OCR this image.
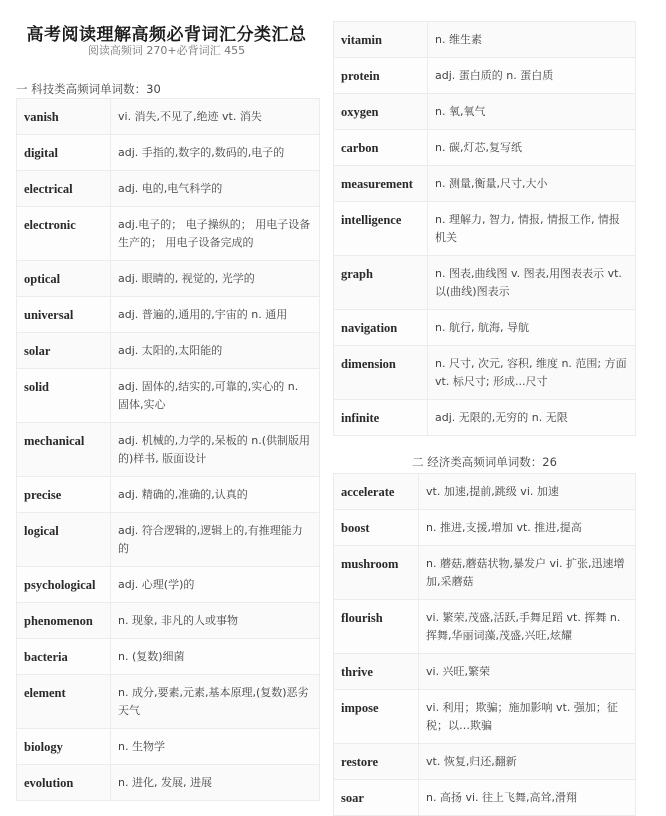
高考阅读理解高频必背词汇分类汇总
阅读高频词 270+必背词汇 455
一 科技类高频词单词数：30
vanish	vi. 消失,不见了,绝迹 vt. 消失
digital	adj. 手指的,数字的,数码的,电子的
electrical	adj. 电的,电气科学的
electronic	adj.电子的； 电子操纵的； 用电子设备生产的； 用电子设备完成的
optical	adj. 眼睛的, 视觉的, 光学的
universal	adj. 普遍的,通用的,宇宙的 n. 通用
solar	adj. 太阳的,太阳能的
solid	adj. 固体的,结实的,可靠的,实心的 n. 固体,实心
mechanical	adj. 机械的,力学的,呆板的 n.(供制版用的)样书, 版面设计
precise	adj. 精确的,准确的,认真的
logical	adj. 符合逻辑的,逻辑上的,有推理能力的
psychological	adj. 心理(学)的
phenomenon	n. 现象, 非凡的人或事物
bacteria	n. (复数)细菌
element	n. 成分,要素,元素,基本原理,(复数)恶劣天气
biology	n. 生物学
evolution	n. 进化, 发展, 进展
vitamin	n. 维生素
protein	adj. 蛋白质的 n. 蛋白质
oxygen	n. 氧,氧气
carbon	n. 碳,灯芯,复写纸
measurement	n. 测量,衡量,尺寸,大小
intelligence	n. 理解力, 智力, 情报, 情报工作, 情报机关
graph	n. 图表,曲线图 v. 图表,用图表表示 vt. 以(曲线)图表示
navigation	n. 航行, 航海, 导航
dimension	n. 尺寸, 次元, 容积, 维度 n. 范围; 方面 vt. 标尺寸; 形成...尺寸
infinite	adj. 无限的,无穷的 n. 无限
二 经济类高频词单词数：26
accelerate	vt. 加速,提前,跳级 vi. 加速
boost	n. 推进,支援,增加 vt. 推进,提高
mushroom	n. 蘑菇,蘑菇状物,暴发户 vi. 扩张,迅速增加,采蘑菇
flourish	vi. 繁荣,茂盛,活跃,手舞足蹈 vt. 挥舞 n. 挥舞,华丽词藻,茂盛,兴旺,炫耀
thrive	vi. 兴旺,繁荣
impose	vi. 利用；欺骗；施加影响 vt. 强加；征税；以…欺骗
restore	vt. 恢复,归还,翻新
soar	n. 高扬 vi. 往上飞舞,高耸,滑翔
